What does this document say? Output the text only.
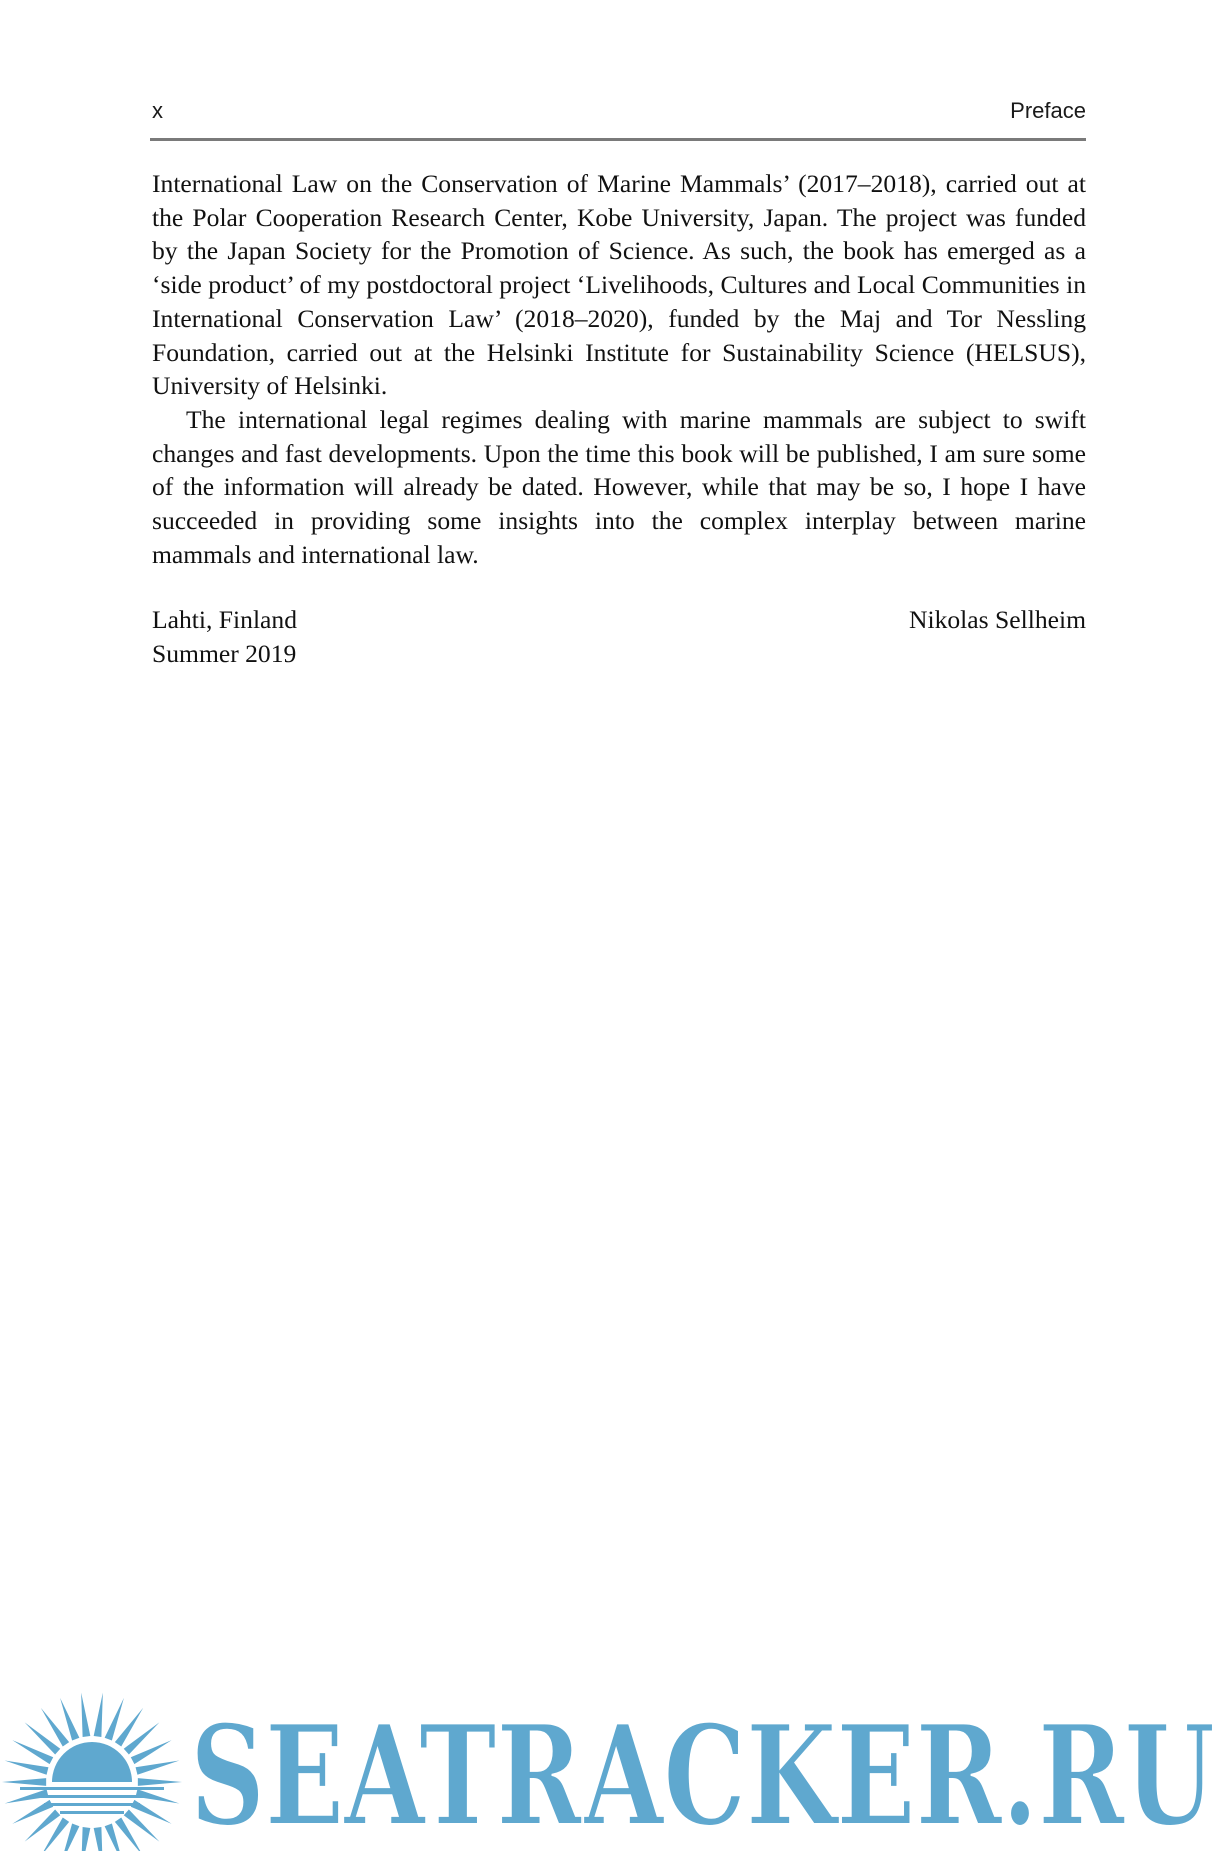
x	Preface

International Law on the Conservation of Marine Mammals’ (2017–2018), carried out at the Polar Cooperation Research Center, Kobe University, Japan. The project was funded by the Japan Society for the Promotion of Science. As such, the book has emerged as a ‘side product’ of my postdoctoral project ‘Livelihoods, Cultures and Local Communities in International Conservation Law’ (2018–2020), funded by the Maj and Tor Nessling Foundation, carried out at the Helsinki Institute for Sustainability Science (HELSUS), University of Helsinki.

The international legal regimes dealing with marine mammals are subject to swift changes and fast developments. Upon the time this book will be published, I am sure some of the information will already be dated. However, while that may be so, I hope I have succeeded in providing some insights into the complex interplay between marine mammals and international law.

Lahti, Finland
Summer 2019
Nikolas Sellheim
SEATRACKER.RU
